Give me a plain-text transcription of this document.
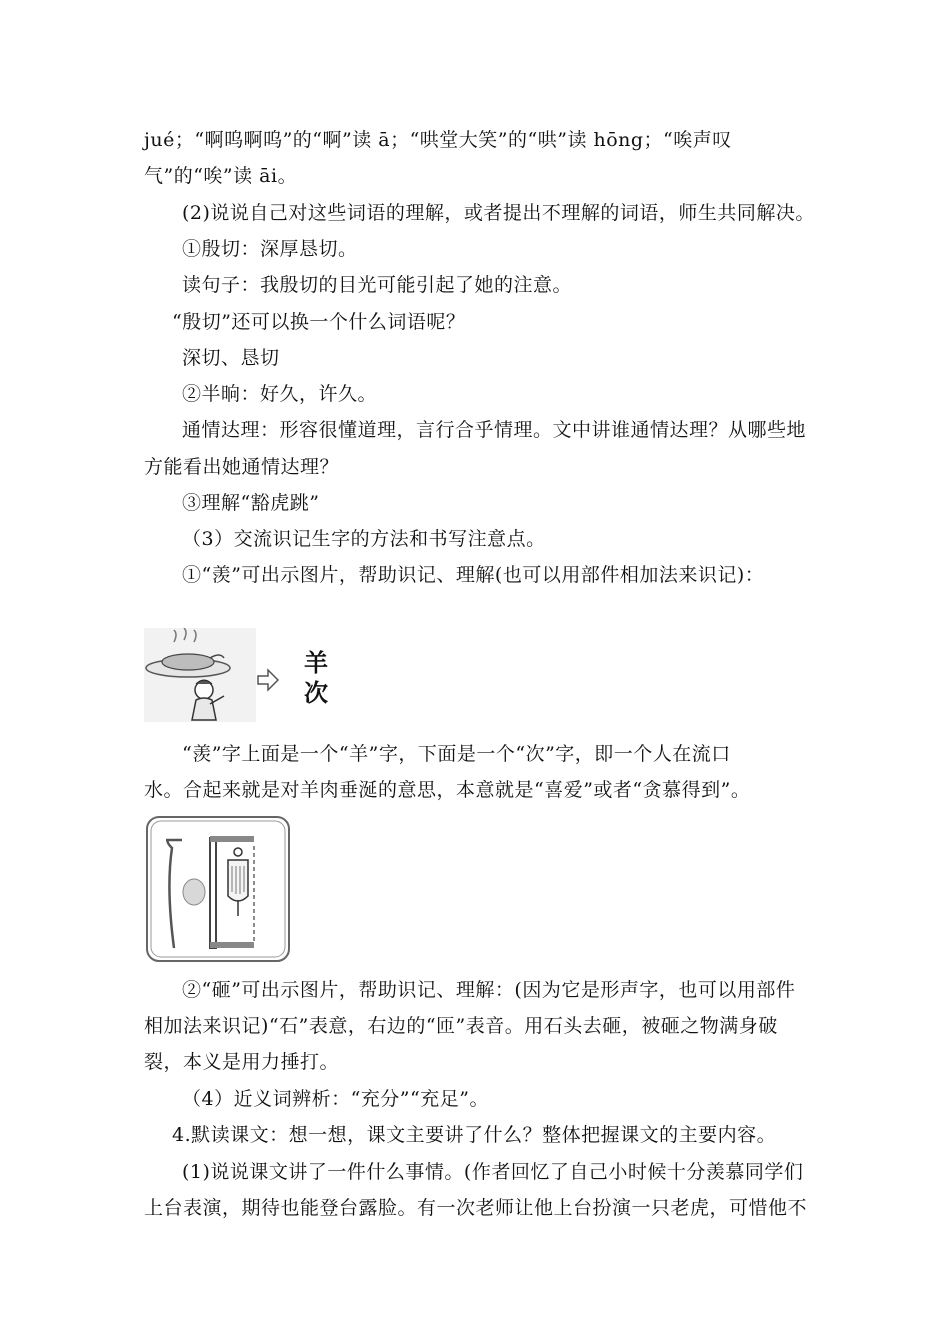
jué；“啊呜啊呜”的“啊”读 ā；“哄堂大笑”的“哄”读 hōng；“唉声叹
气”的“唉”读 āi。
(2)说说自己对这些词语的理解，或者提出不理解的词语，师生共同解决。
①殷切：深厚恳切。
读句子：我殷切的目光可能引起了她的注意。
“殷切”还可以换一个什么词语呢？
深切、恳切
②半晌：好久，许久。
通情达理：形容很懂道理，言行合乎情理。文中讲谁通情达理？从哪些地
方能看出她通情达理？
③理解“豁虎跳”
（3）交流识记生字的方法和书写注意点。
①“羡”可出示图片，帮助识记、理解(也可以用部件相加法来识记)：
羊
次
“羡”字上面是一个“羊”字，下面是一个“次”字，即一个人在流口
水。合起来就是对羊肉垂涎的意思，本意就是“喜爱”或者“贪慕得到”。
②“砸”可出示图片，帮助识记、理解：(因为它是形声字，也可以用部件
相加法来识记)“石”表意，右边的“匝”表音。用石头去砸，被砸之物满身破
裂，本义是用力捶打。
（4）近义词辨析：“充分”“充足”。
4.默读课文：想一想，课文主要讲了什么？整体把握课文的主要内容。
(1)说说课文讲了一件什么事情。(作者回忆了自己小时候十分羡慕同学们
上台表演，期待也能登台露脸。有一次老师让他上台扮演一只老虎，可惜他不
